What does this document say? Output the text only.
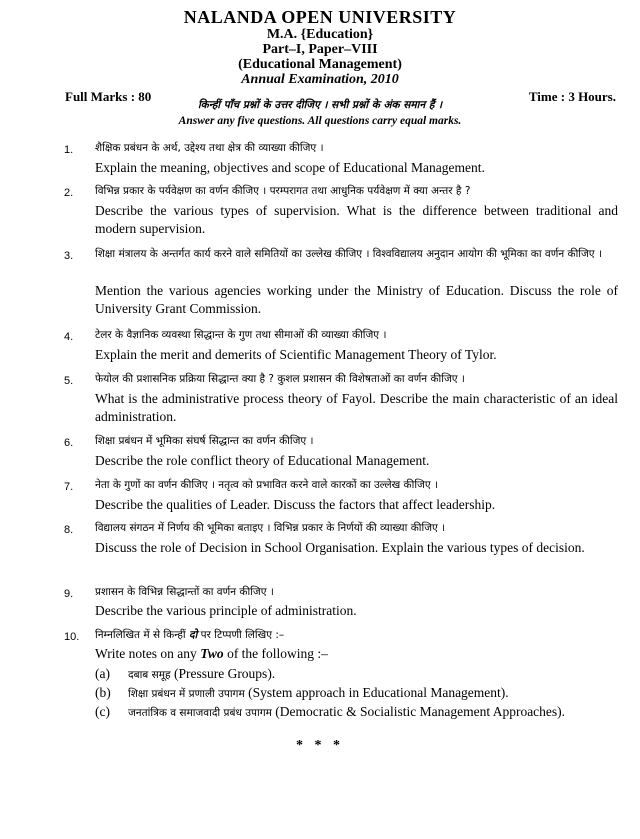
NALANDA OPEN UNIVERSITY
M.A. {Education}
Part–I, Paper–VIII
(Educational Management)
Annual Examination, 2010
Full Marks : 80	Time : 3 Hours.
किन्हीं पाँच प्रश्नों के उत्तर दीजिए । सभी प्रश्नों के अंक समान हैं ।
Answer any five questions. All questions carry equal marks.
1. शैक्षिक प्रबंधन के अर्थ, उद्देश्य तथा क्षेत्र की व्याख्या कीजिए ।
Explain the meaning, objectives and scope of Educational Management.
2. विभिन्न प्रकार के पर्यवेक्षण का वर्णन कीजिए । परम्परागत तथा आधुनिक पर्यवेक्षण में क्या अन्तर है ?
Describe the various types of supervision. What is the difference between traditional and modern supervision.
3. शिक्षा मंत्रालय के अन्तर्गत कार्य करने वाले समितियों का उल्लेख कीजिए । विश्वविद्यालय अनुदान आयोग की भूमिका का वर्णन कीजिए ।
Mention the various agencies working under the Ministry of Education. Discuss the role of University Grant Commission.
4. टेलर के वैज्ञानिक व्यवस्था सिद्धान्त के गुण तथा सीमाओं की व्याख्या कीजिए ।
Explain the merit and demerits of Scientific Management Theory of Tylor.
5. फेयोल की प्रशासनिक प्रक्रिया सिद्धान्त क्या है ? कुशल प्रशासन की विशेषताओं का वर्णन कीजिए ।
What is the administrative process theory of Fayol. Describe the main characteristic of an ideal administration.
6. शिक्षा प्रबंधन में भूमिका संघर्ष सिद्धान्त का वर्णन कीजिए ।
Describe the role conflict theory of Educational Management.
7. नेता के गुणों का वर्णन कीजिए । नतृत्व को प्रभावित करने वाले कारकों का उल्लेख कीजिए ।
Describe the qualities of Leader. Discuss the factors that affect leadership.
8. विद्यालय संगठन में निर्णय की भूमिका बताइए । विभिन्न प्रकार के निर्णयों की व्याख्या कीजिए ।
Discuss the role of Decision in School Organisation. Explain the various types of decision.
9. प्रशासन के विभिन्न सिद्धान्तों का वर्णन कीजिए ।
Describe the various principle of administration.
10. निम्नलिखित में से किन्हीं दो पर टिप्पणी लिखिए :–
Write notes on any Two of the following :–
(a) दबाब समूह (Pressure Groups).
(b) शिक्षा प्रबंधन में प्रणाली उपागम (System approach in Educational Management).
(c) जनतांत्रिक व समाजवादी प्रबंध उपागम (Democratic & Socialistic Management Approaches).
* * *
